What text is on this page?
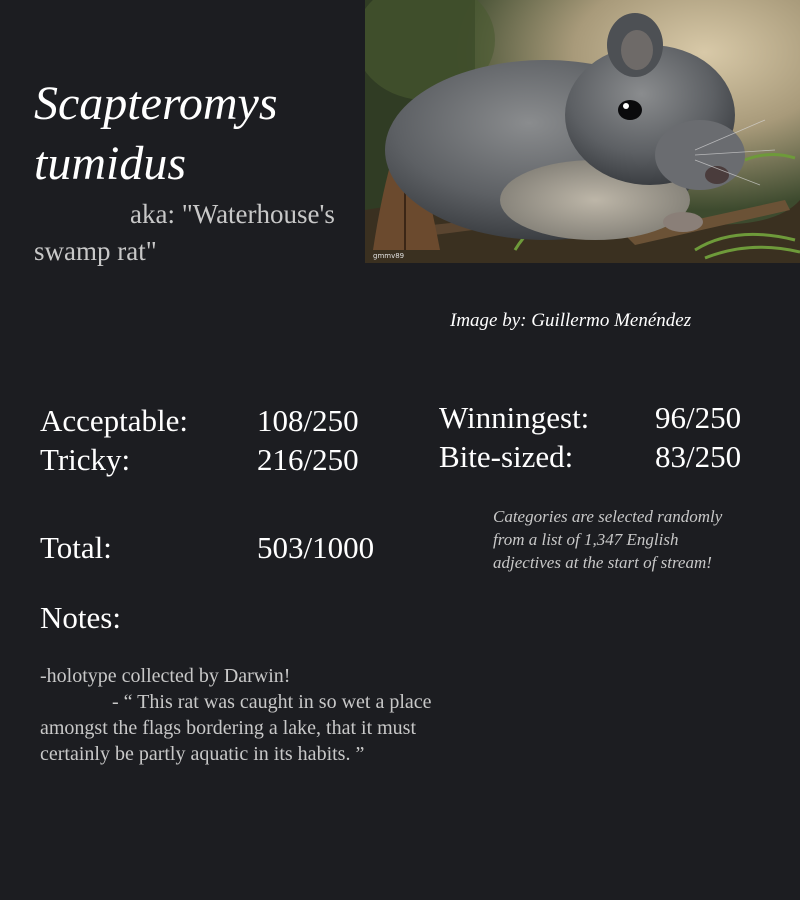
Scapteromys
tumidus

aka: "Waterhouse's swamp rat"	gmmv89
Image by: Guillermo Menéndez
Acceptable: 108/250
Tricky:	216/250
Winningest: 96/250
Bite-sized:	83/250
Total:	503/1000
Categories are selected randomly from a list of 1,347 English adjectives at the start of stream!
Notes:
-holotype collected by Darwin!
- “ This rat was caught in so wet a place amongst the flags bordering a lake, that it must certainly be partly aquatic in its habits. ”
